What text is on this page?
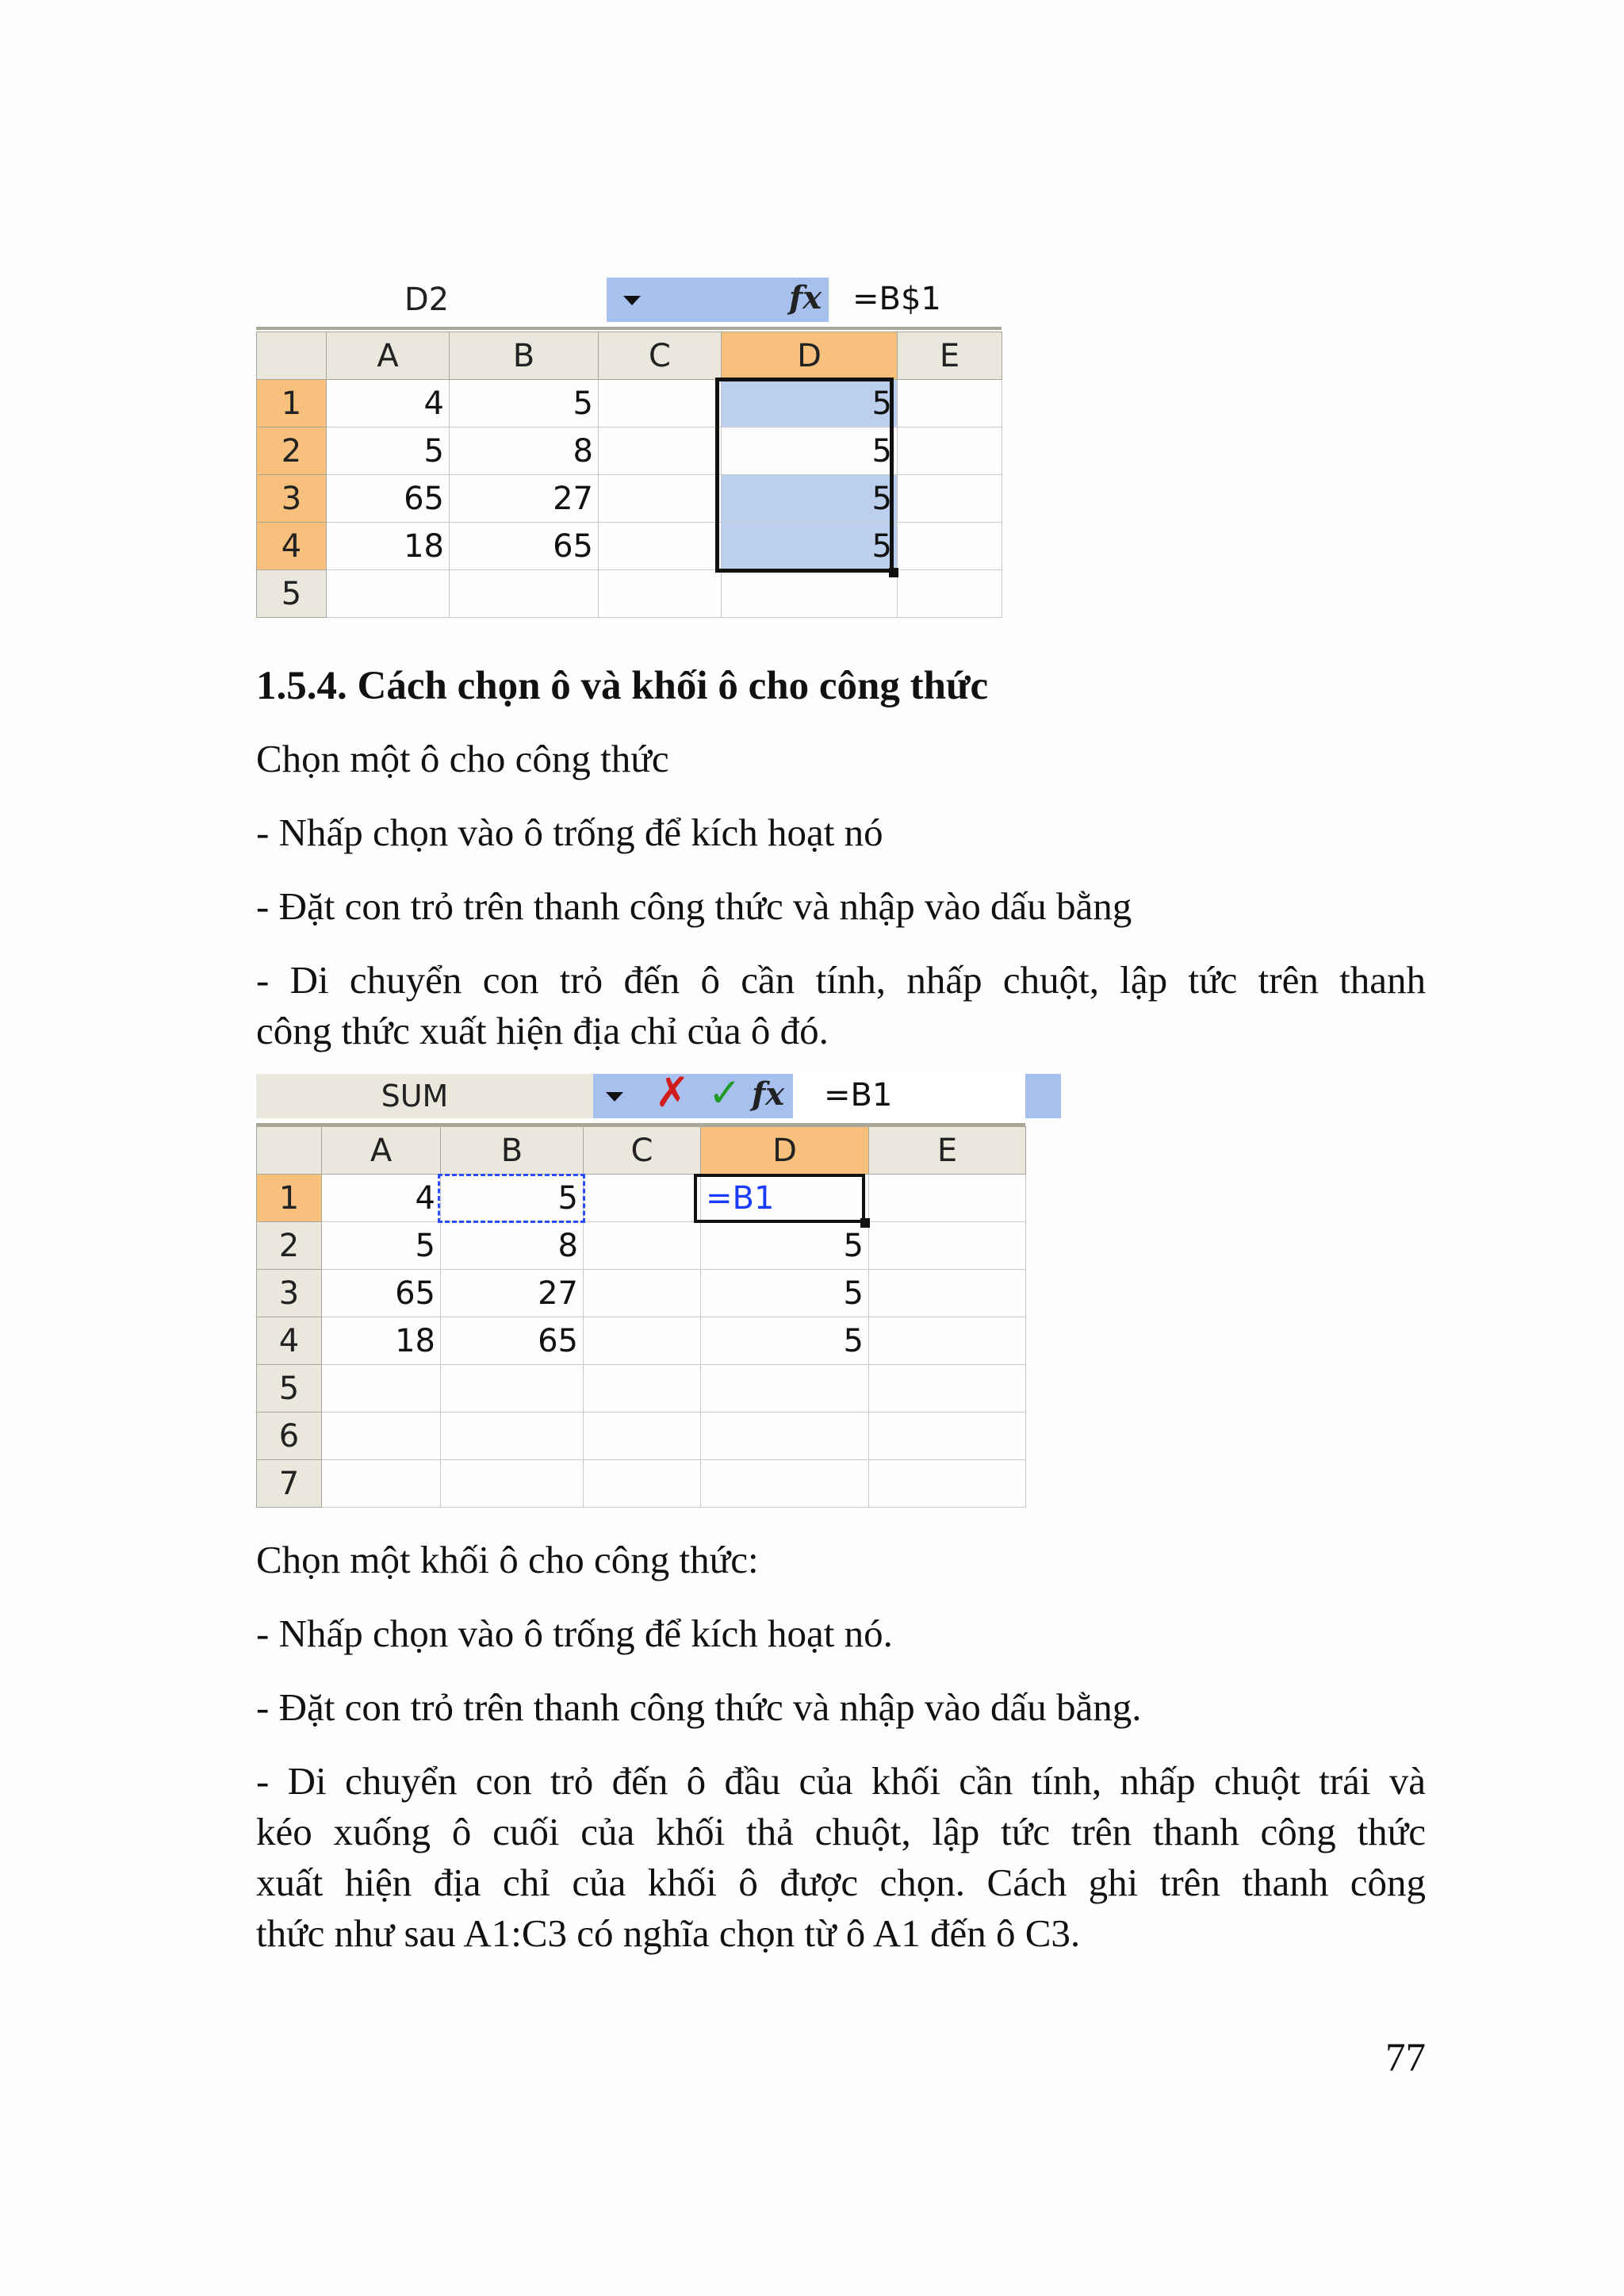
D2	fx =B$1
	A	B	C	D	E
1	4	5		5	
2	5	8		5	
3	65	27		5	
4	18	65		5	
5					
1.5.4. Cách chọn ô và khối ô cho công thức
Chọn một ô cho công thức
- Nhấp chọn vào ô trống để kích hoạt nó
- Đặt con trỏ trên thanh công thức và nhập vào dấu bằng
- Di chuyển con trỏ đến ô cần tính, nhấp chuột, lập tức trên thanh
công thức xuất hiện địa chỉ của ô đó.
SUM	✗ ✓ fx =B1
	A	B	C	D	E
1	4	5		=B1	
2	5	8		5	
3	65	27		5	
4	18	65		5	
5					
6					
7					
Chọn một khối ô cho công thức:
- Nhấp chọn vào ô trống để kích hoạt nó.
- Đặt con trỏ trên thanh công thức và nhập vào dấu bằng.
- Di chuyển con trỏ đến ô đầu của khối cần tính, nhấp chuột trái và
kéo xuống ô cuối của khối thả chuột, lập tức trên thanh công thức
xuất hiện địa chỉ của khối ô được chọn. Cách ghi trên thanh công
thức như sau A1:C3 có nghĩa chọn từ ô A1 đến ô C3.
77
